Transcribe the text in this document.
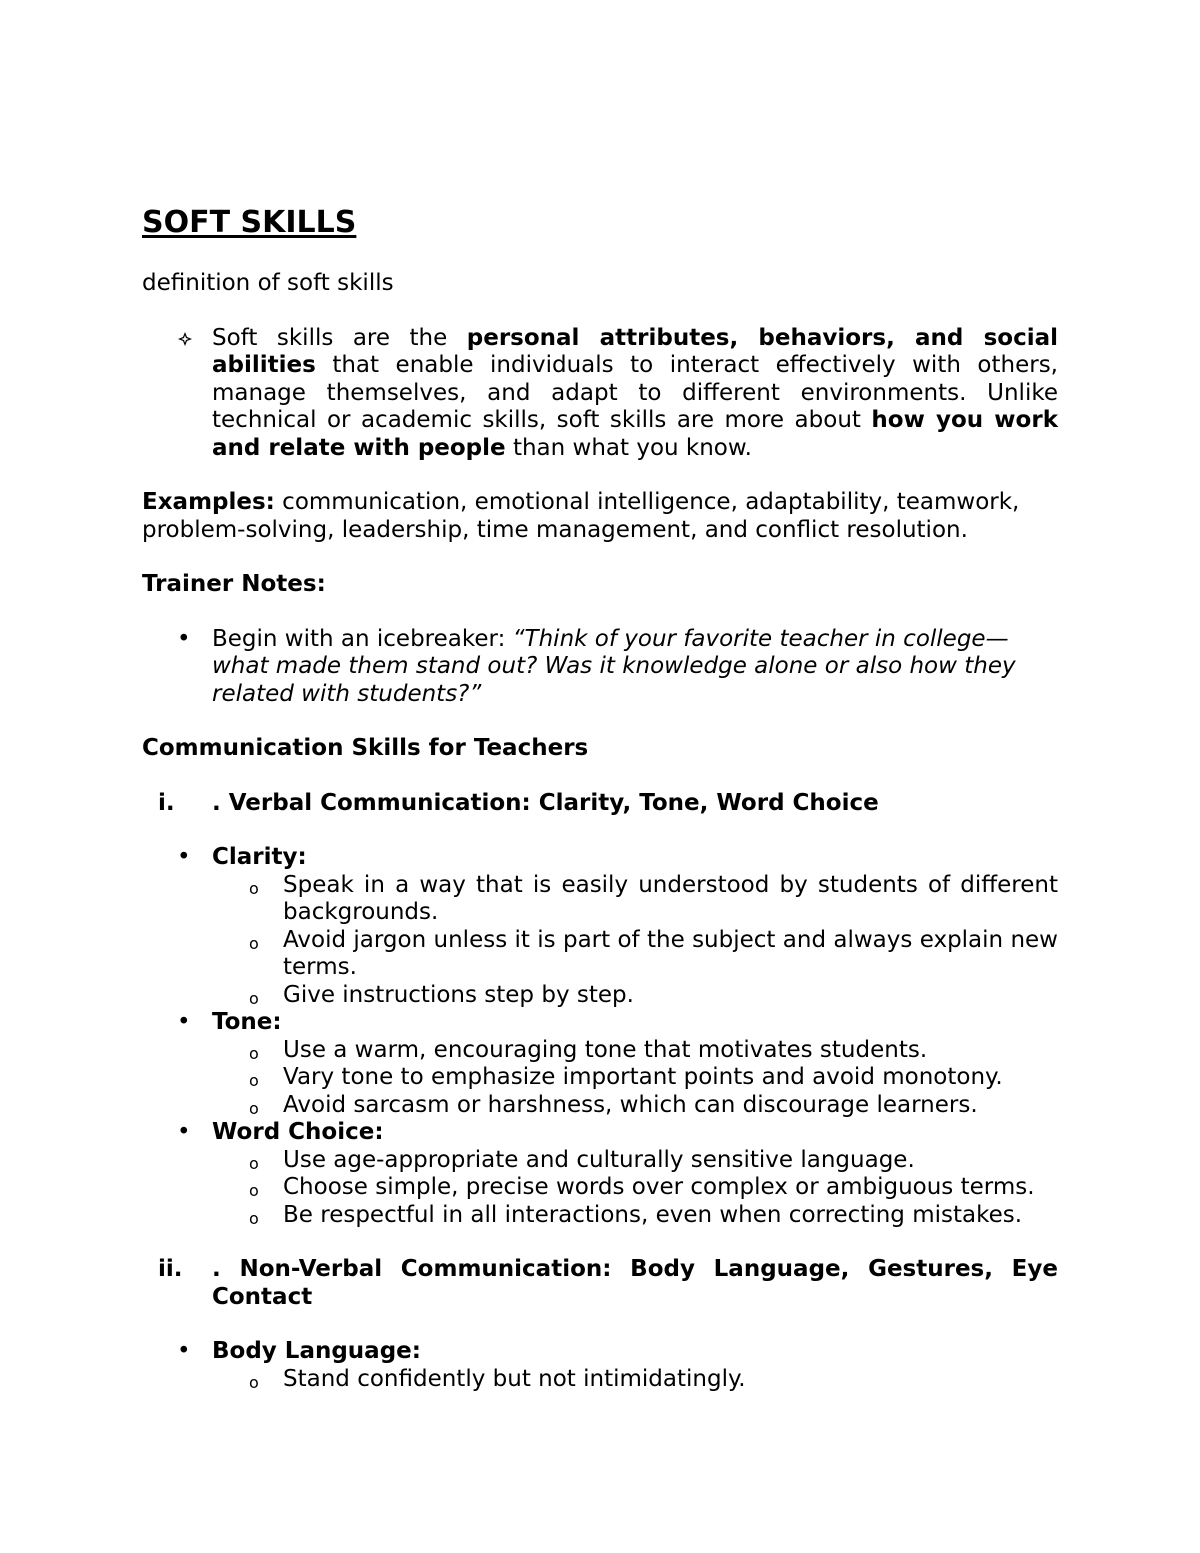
SOFT SKILLS

definition of soft skills

Soft skills are the personal attributes, behaviors, and social abilities that enable individuals to interact effectively with others, manage themselves, and adapt to different environments. Unlike technical or academic skills, soft skills are more about how you work and relate with people than what you know.

Examples: communication, emotional intelligence, adaptability, teamwork, problem-solving, leadership, time management, and conflict resolution.

Trainer Notes:

• Begin with an icebreaker: “Think of your favorite teacher in college—what made them stand out? Was it knowledge alone or also how they related with students?”

Communication Skills for Teachers

i. . Verbal Communication: Clarity, Tone, Word Choice
• Clarity:
o Speak in a way that is easily understood by students of different backgrounds.
o Avoid jargon unless it is part of the subject and always explain new terms.
o Give instructions step by step.
• Tone:
o Use a warm, encouraging tone that motivates students.
o Vary tone to emphasize important points and avoid monotony.
o Avoid sarcasm or harshness, which can discourage learners.
• Word Choice:
o Use age-appropriate and culturally sensitive language.
o Choose simple, precise words over complex or ambiguous terms.
o Be respectful in all interactions, even when correcting mistakes.
ii. . Non-Verbal Communication: Body Language, Gestures, Eye Contact
• Body Language:
o Stand confidently but not intimidatingly.
